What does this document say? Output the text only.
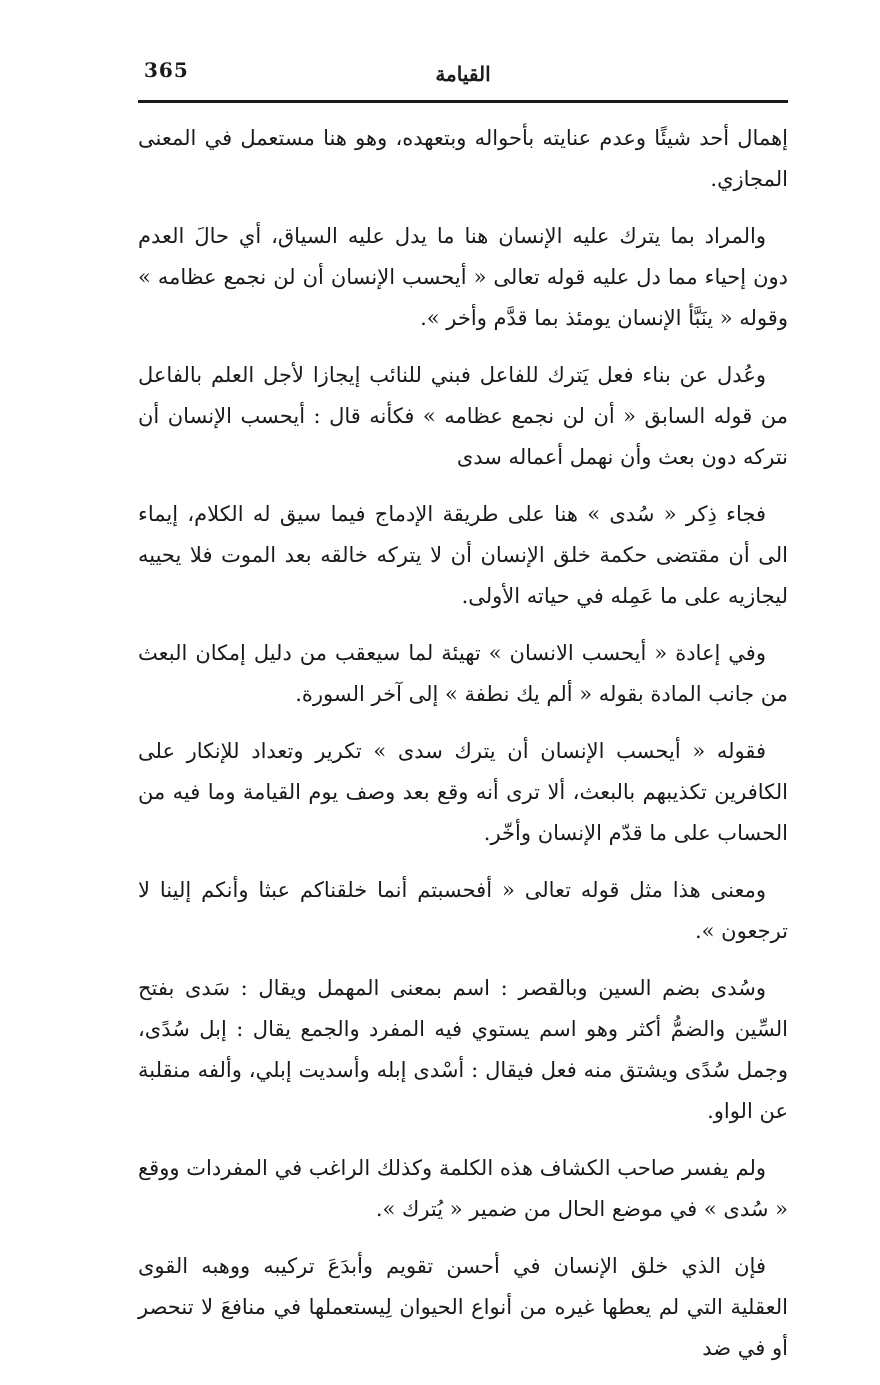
365	القيامة

إهمال أحد شيئًا وعدم عنايته بأحواله وبتعهده، وهو هنا مستعمل في المعنى المجازي.

والمراد بما يترك عليه الإنسان هنا ما يدل عليه السياق، أي حالَ العدم دون إحياء مما دل عليه قوله تعالى « أيحسب الإنسان أن لن نجمع عظامه » وقوله « ينَبَّأ الإنسان يومئذ بما قدَّم وأخر ».

وعُدل عن بناء فعل يَترك للفاعل فبني للنائب إيجازا لأجل العلم بالفاعل من قوله السابق « أن لن نجمع عظامه » فكأنه قال : أيحسب الإنسان أن نتركه دون بعث وأن نهمل أعماله سدى

فجاء ذِكر « سُدى » هنا على طريقة الإدماج فيما سيق له الكلام، إيماء الى أن مقتضى حكمة خلق الإنسان أن لا يتركه خالقه بعد الموت فلا يحييه ليجازيه على ما عَمِله في حياته الأولى.

وفي إعادة « أيحسب الانسان » تهيئة لما سيعقب من دليل إمكان البعث من جانب المادة بقوله « ألم يك نطفة » إلى آخر السورة.

فقوله « أيحسب الإنسان أن يترك سدى » تكرير وتعداد للإنكار على الكافرين تكذيبهم بالبعث، ألا ترى أنه وقع بعد وصف يوم القيامة وما فيه من الحساب على ما قدّم الإنسان وأخّر.

ومعنى هذا مثل قوله تعالى « أفحسبتم أنما خلقناكم عبثا وأنكم إلينا لا ترجعون ».

وسُدى بضم السين وبالقصر : اسم بمعنى المهمل ويقال : سَدى بفتح السِّين والضمُّ أكثر وهو اسم يستوي فيه المفرد والجمع يقال : إبل سُدًى، وجمل سُدًى ويشتق منه فعل فيقال : أسْدى إبله وأسديت إبلي، وألفه منقلبة عن الواو.

ولم يفسر صاحب الكشاف هذه الكلمة وكذلك الراغب في المفردات ووقع « سُدى » في موضع الحال من ضمير « يُترك ».

فإن الذي خلق الإنسان في أحسن تقويم وأبدَعَ تركيبه ووهبه القوى العقلية التي لم يعطها غيره من أنواع الحيوان لِيستعملها في منافعَ لا تنحصر أو في ضد
